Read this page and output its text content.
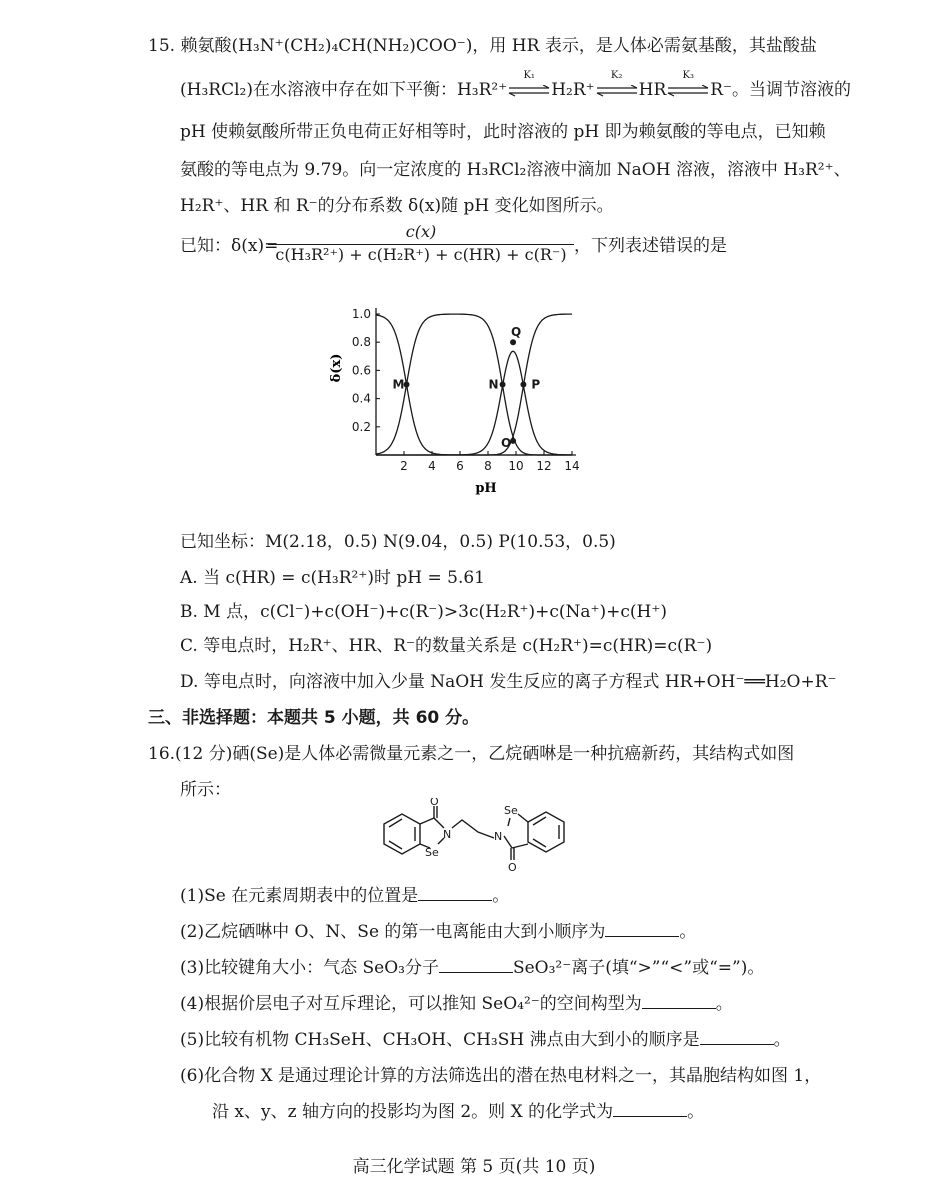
15. 赖氨酸(H₃N⁺(CH₂)₄CH(NH₂)COO⁻)，用 HR 表示，是人体必需氨基酸，其盐酸盐
(H₃RCl₂)在水溶液中存在如下平衡：H₃R²⁺
K₁
H₂R⁺
K₂
HR
K₃
R⁻。当调节溶液的
pH 使赖氨酸所带正负电荷正好相等时，此时溶液的 pH 即为赖氨酸的等电点，已知赖
氨酸的等电点为 9.79。向一定浓度的 H₃RCl₂溶液中滴加 NaOH 溶液，溶液中 H₃R²⁺、
H₂R⁺、HR 和 R⁻的分布系数 δ(x)随 pH 变化如图所示。
已知：δ(x)=
c(x)
c(H₃R²⁺) + c(H₂R⁺) + c(HR) + c(R⁻) ，下列表述错误的是
2 4 6 8 10 12 14
0.2
0.4
0.6
0.8
1.0
M	N
Q
O
P
δ(x)
pH
已知坐标：M(2.18，0.5) N(9.04，0.5) P(10.53，0.5)
A. 当 c(HR) = c(H₃R²⁺)时 pH = 5.61
B. M 点，c(Cl⁻)+c(OH⁻)+c(R⁻)>3c(H₂R⁺)+c(Na⁺)+c(H⁺)
C. 等电点时，H₂R⁺、HR、R⁻的数量关系是 c(H₂R⁺)=c(HR)=c(R⁻)
D. 等电点时，向溶液中加入少量 NaOH 发生反应的离子方程式 HR+OH⁻══H₂O+R⁻
三、非选择题：本题共 5 小题，共 60 分。
16.(12 分)硒(Se)是人体必需微量元素之一，乙烷硒啉是一种抗癌新药，其结构式如图
所示：
O
N
Se
N
Se
O
(1)Se 在元素周期表中的位置是	。
(2)乙烷硒啉中 O、N、Se 的第一电离能由大到小顺序为	。
(3)比较键角大小：气态 SeO₃分子	SeO₃²⁻离子(填“>”“<”或“=”)。
(4)根据价层电子对互斥理论，可以推知 SeO₄²⁻的空间构型为	。
(5)比较有机物 CH₃SeH、CH₃OH、CH₃SH 沸点由大到小的顺序是	。
(6)化合物 X 是通过理论计算的方法筛选出的潜在热电材料之一，其晶胞结构如图 1，
沿 x、y、z 轴方向的投影均为图 2。则 X 的化学式为	。
高三化学试题 第 5 页(共 10 页)
